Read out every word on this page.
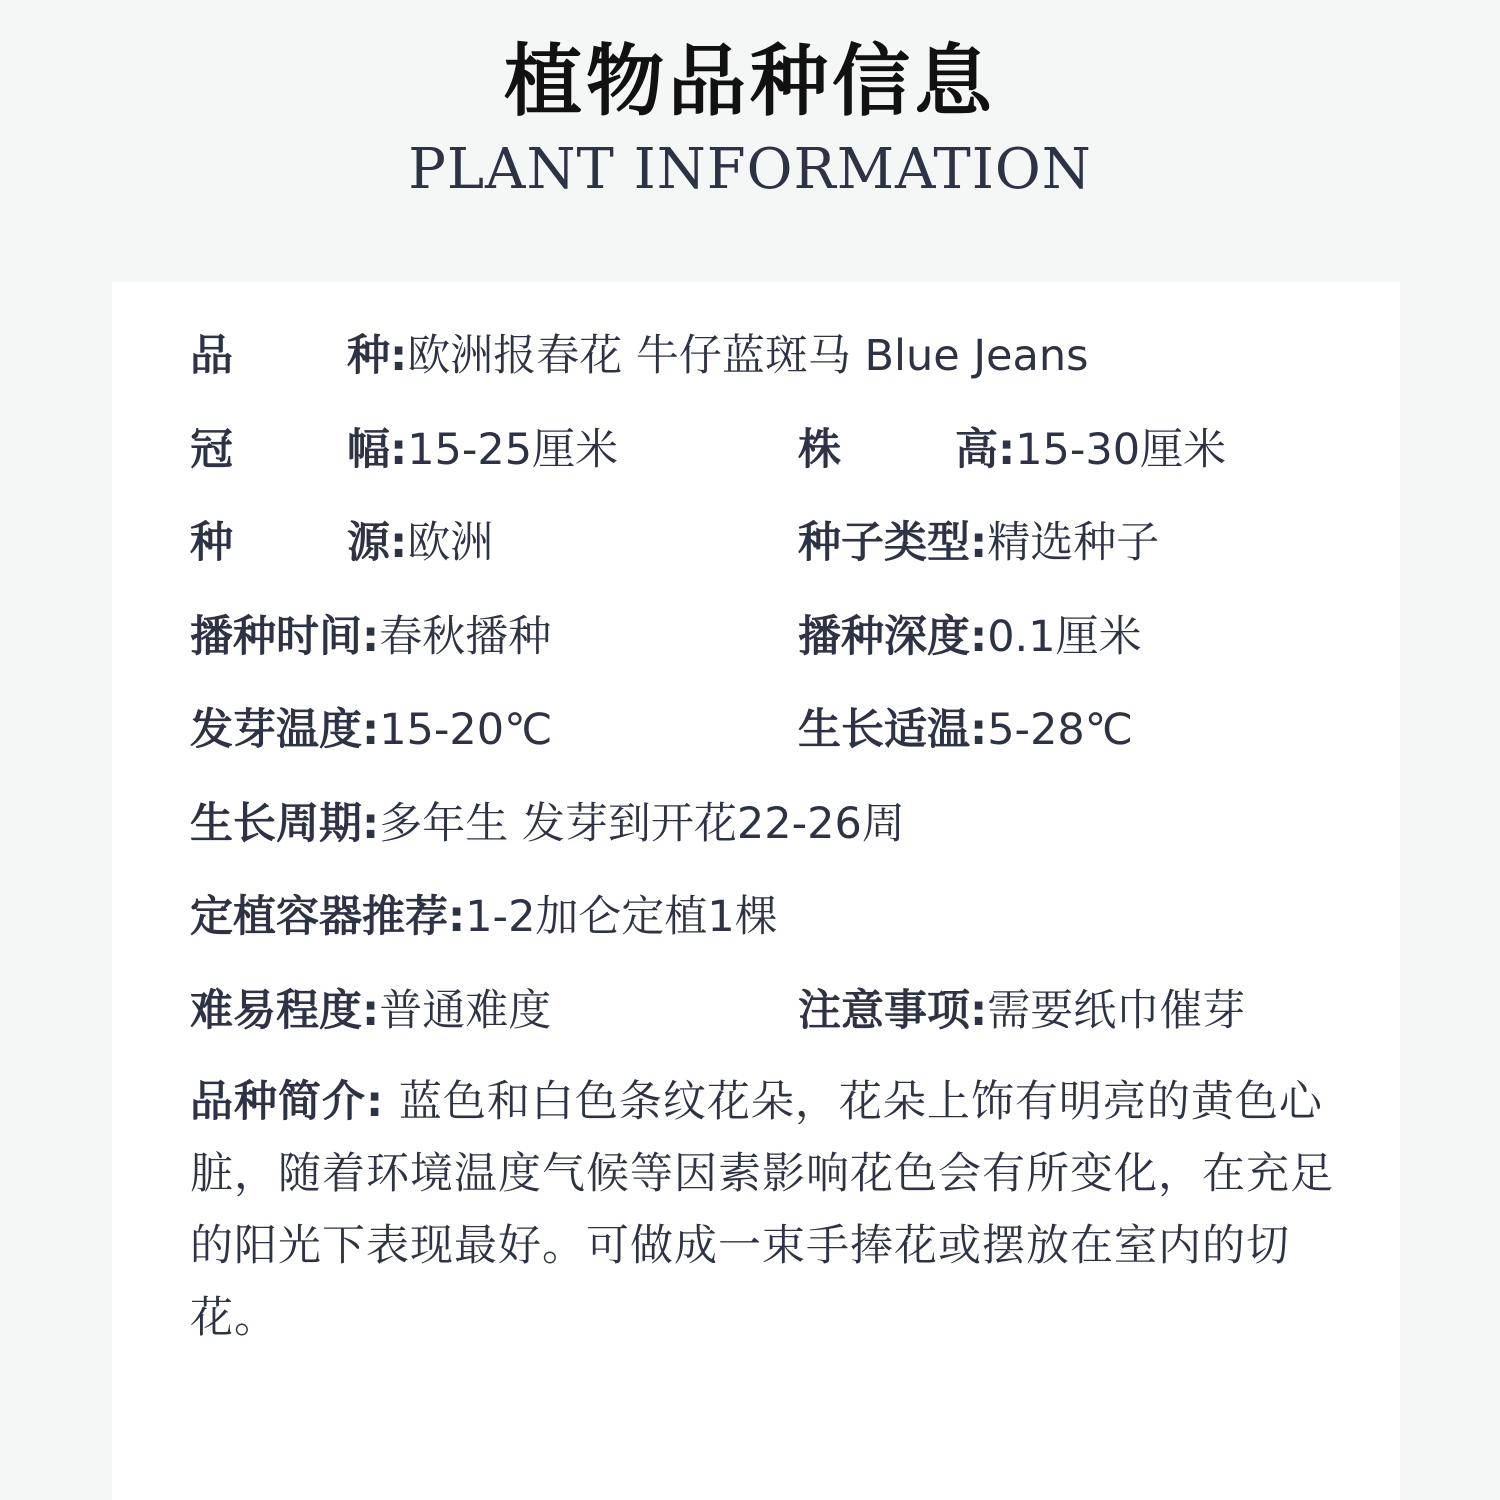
植物品种信息
PLANT INFORMATION
品种:欧洲报春花 牛仔蓝斑马 Blue Jeans
冠幅:15-25厘米	株高:15-30厘米
种源:欧洲	种子类型:精选种子
播种时间:春秋播种	播种深度:0.1厘米
发芽温度:15-20℃	生长适温:5-28℃
生长周期:多年生 发芽到开花22-26周
定植容器推荐:1-2加仑定植1棵
难易程度:普通难度	注意事项:需要纸巾催芽
品种简介: 蓝色和白色条纹花朵，花朵上饰有明亮的黄色心脏，随着环境温度气候等因素影响花色会有所变化，在充足的阳光下表现最好。可做成一束手捧花或摆放在室内的切花。
